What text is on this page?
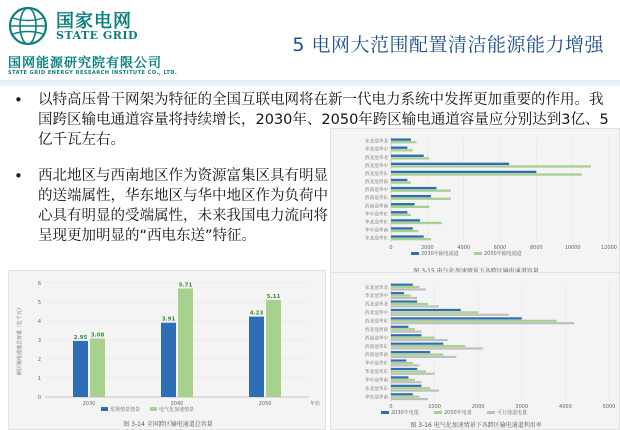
国家电网
STATE GRID
国网能源研究院有限公司
STATE GRID ENERGY RESEARCH INSTITUTE CO., LTD.
5 电网大范围配置清洁能源能力增强
• 以特高压骨干网架为特征的全国互联电网将在新一代电力系统中发挥更加重要的作用。我国跨区输电通道容量将持续增长，2030年、2050年跨区输电通道容量应分别达到3亿、5亿千瓦左右。
• 西北地区与西南地区作为资源富集区具有明显的送端属性，华东地区与华中地区作为负荷中心具有明显的受端属性，未来我国电力流向将呈现更加明显的“西电东送”特征。
0	2000	4000	6000	8000	10000	12000
东北送华北
华北送华中
西北送华北
西北送华中
西北送华东
西北送西南
西南送华中
西南送华东
西南送华南
华中送华东
华北送华东
华中送华南
东北送华东
2030年输电通道	2050年输电通道
0	1000	2000	3000	4000	5000
东北送华北
华北送华中
西北送华北
西北送华中
西北送华东
西北送西南
西南送华中
西南送华东
西南送华南
华中送华东
华北送华东
华中送华南
东北送华东
华东送华南
2030年电量	2050年电量	可行通道电量
图 3-16 电气化加速情景下各跨区输电通道利用率
0
1
2
3
4
5
6
跨区输电通道总容量（亿千瓦）
年份
2030
2.95 3.08
2040
3.91
5.71
2050
4.23
5.11
常规情景情景	电气化加速情景
图 3-14 全国跨区输电通道总容量
